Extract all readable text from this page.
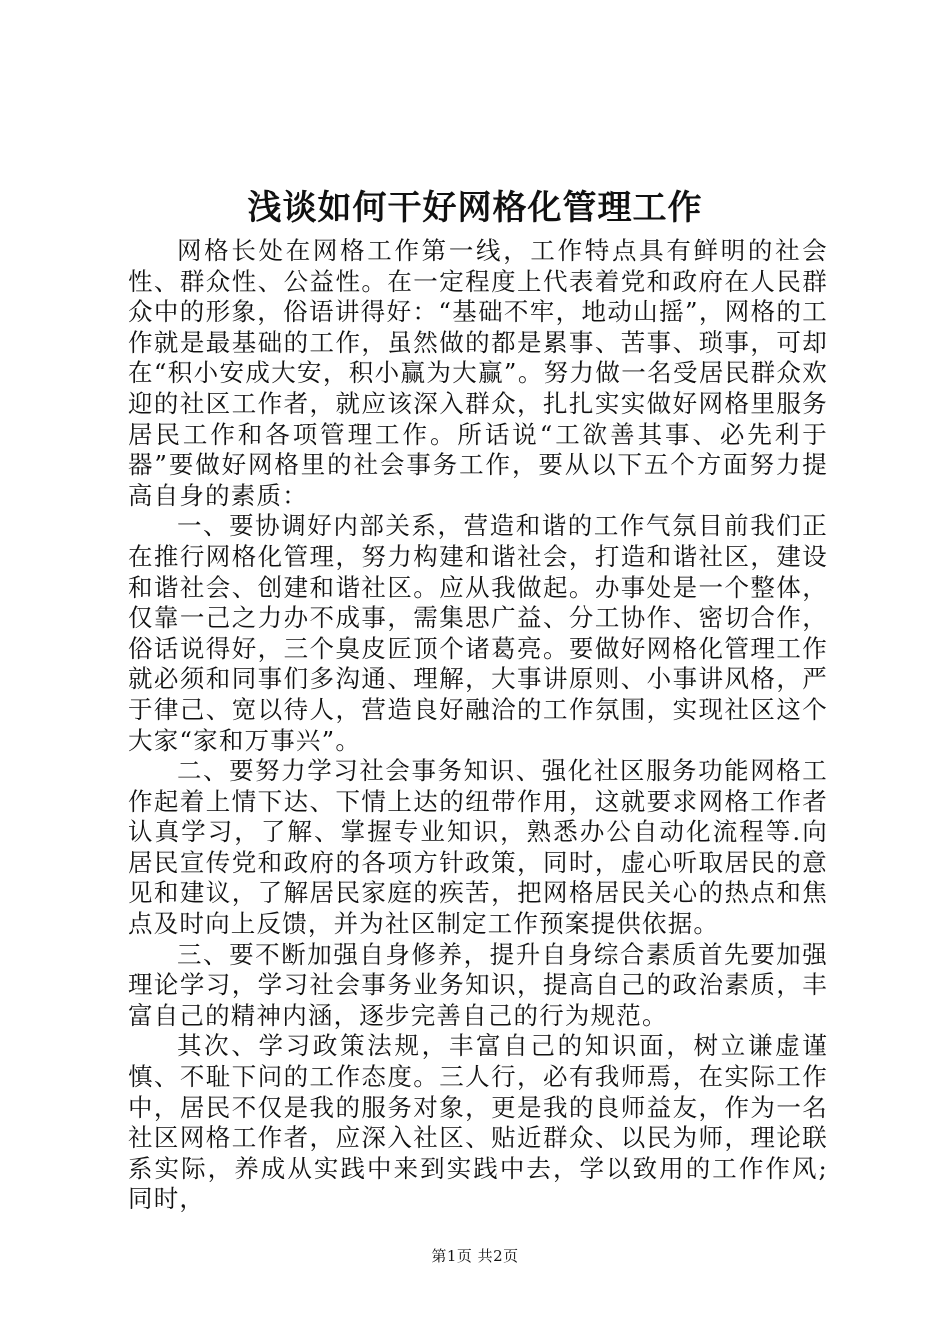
浅谈如何干好网格化管理工作

网格长处在网格工作第一线，工作特点具有鲜明的社会性、群众性、公益性。在一定程度上代表着党和政府在人民群众中的形象，俗语讲得好：“基础不牢，地动山摇”，网格的工作就是最基础的工作，虽然做的都是累事、苦事、琐事，可却在“积小安成大安，积小赢为大赢”。努力做一名受居民群众欢迎的社区工作者，就应该深入群众，扎扎实实做好网格里服务居民工作和各项管理工作。所话说“工欲善其事、必先利于器”要做好网格里的社会事务工作，要从以下五个方面努力提高自身的素质：

一、要协调好内部关系，营造和谐的工作气氛目前我们正在推行网格化管理，努力构建和谐社会，打造和谐社区，建设和谐社会、创建和谐社区。应从我做起。办事处是一个整体，仅靠一己之力办不成事，需集思广益、分工协作、密切合作，俗话说得好，三个臭皮匠顶个诸葛亮。要做好网格化管理工作就必须和同事们多沟通、理解，大事讲原则、小事讲风格，严于律己、宽以待人，营造良好融洽的工作氛围，实现社区这个大家“家和万事兴”。

二、要努力学习社会事务知识、强化社区服务功能网格工作起着上情下达、下情上达的纽带作用，这就要求网格工作者认真学习，了解、掌握专业知识，熟悉办公自动化流程等.向居民宣传党和政府的各项方针政策，同时，虚心听取居民的意见和建议，了解居民家庭的疾苦，把网格居民关心的热点和焦点及时向上反馈，并为社区制定工作预案提供依据。

三、要不断加强自身修养，提升自身综合素质首先要加强理论学习，学习社会事务业务知识，提高自己的政治素质，丰富自己的精神内涵，逐步完善自己的行为规范。

其次、学习政策法规，丰富自己的知识面，树立谦虚谨慎、不耻下问的工作态度。三人行，必有我师焉，在实际工作中，居民不仅是我的服务对象，更是我的良师益友，作为一名社区网格工作者，应深入社区、贴近群众、以民为师，理论联系实际，养成从实践中来到实践中去，学以致用的工作作风;同时，

第1页 共2页
